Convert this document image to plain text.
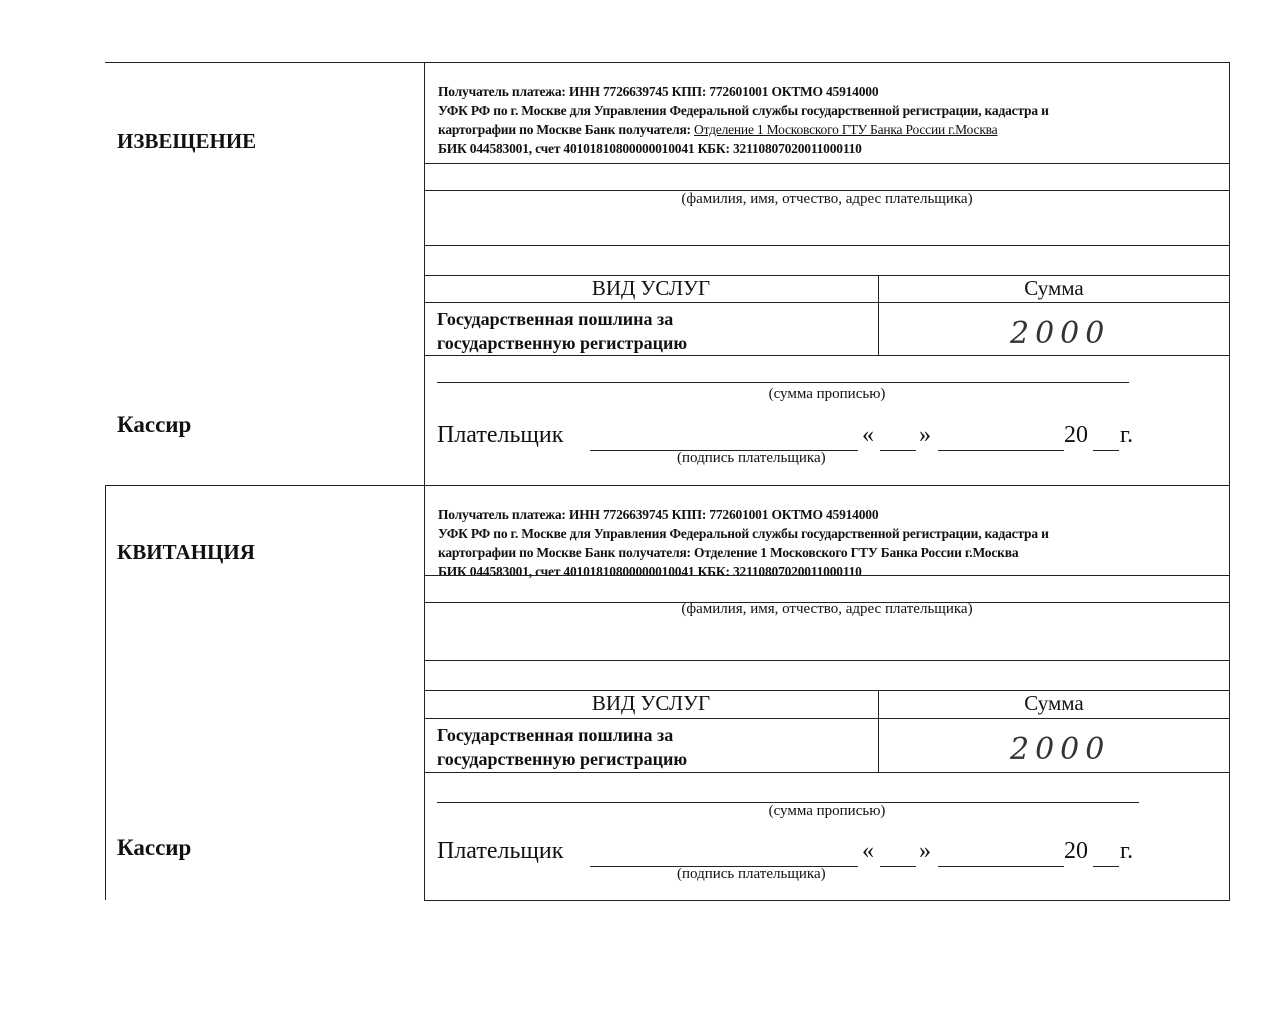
ИЗВЕЩЕНИЕ
Кассир
Получатель платежа: ИНН 7726639745 КПП: 772601001 ОКТМО 45914000
УФК РФ по г. Москве для Управления Федеральной службы государственной регистрации, кадастра и
картографии по Москве Банк получателя: Отделение 1 Московского ГТУ Банка России г.Москва
БИК 044583001, счет 40101810800000010041 КБК: 32110807020011000110
(фамилия, имя, отчество, адрес плательщика)
ВИД УСЛУГ	Сумма
Государственная пошлина за государственную регистрацию	2000
(сумма прописью)
Плательщик	« »	20 г.
(подпись плательщика)
КВИТАНЦИЯ
Кассир
Получатель платежа: ИНН 7726639745 КПП: 772601001 ОКТМО 45914000
УФК РФ по г. Москве для Управления Федеральной службы государственной регистрации, кадастра и
картографии по Москве Банк получателя: Отделение 1 Московского ГТУ Банка России г.Москва
БИК 044583001, счет 40101810800000010041 КБК: 32110807020011000110
(фамилия, имя, отчество, адрес плательщика)
ВИД УСЛУГ	Сумма
Государственная пошлина за государственную регистрацию	2000
(сумма прописью)
Плательщик	« »	20 г.
(подпись плательщика)
